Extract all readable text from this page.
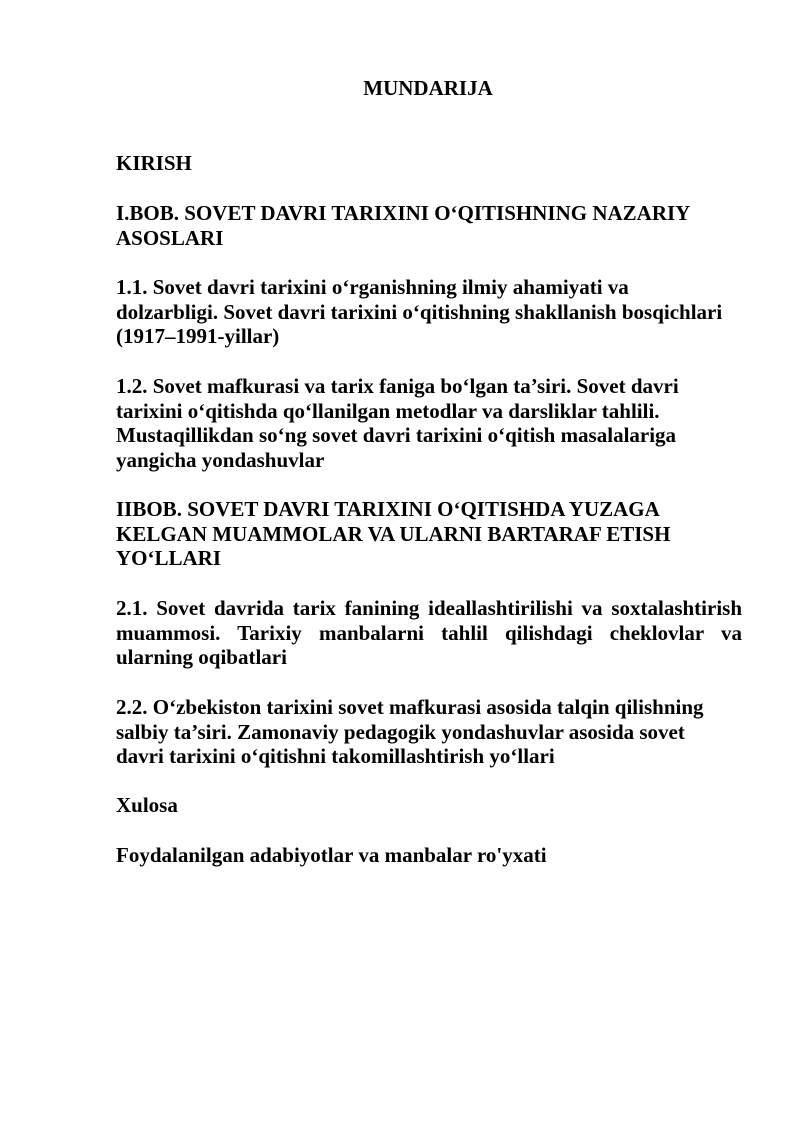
MUNDARIJA
KIRISH
I.BOB. SOVET DAVRI TARIXINI O‘QITISHNING NAZARIY
ASOSLARI
1.1. Sovet davri tarixini o‘rganishning ilmiy ahamiyati va
dolzarbligi. Sovet davri tarixini o‘qitishning shakllanish bosqichlari
(1917–1991-yillar)
1.2. Sovet mafkurasi va tarix faniga bo‘lgan ta’siri. Sovet davri
tarixini o‘qitishda qo‘llanilgan metodlar va darsliklar tahlili.
Mustaqillikdan so‘ng sovet davri tarixini o‘qitish masalalariga
yangicha yondashuvlar
IIBOB. SOVET DAVRI TARIXINI O‘QITISHDA YUZAGA
KELGAN MUAMMOLAR VA ULARNI BARTARAF ETISH
YO‘LLARI
2.1. Sovet davrida tarix fanining ideallashtirilishi va soxtalashtirish
muammosi. Tarixiy manbalarni tahlil qilishdagi cheklovlar va
ularning oqibatlari
2.2. O‘zbekiston tarixini sovet mafkurasi asosida talqin qilishning
salbiy ta’siri. Zamonaviy pedagogik yondashuvlar asosida sovet
davri tarixini o‘qitishni takomillashtirish yo‘llari
Xulosa
Foydalanilgan adabiyotlar va manbalar ro'yxati
